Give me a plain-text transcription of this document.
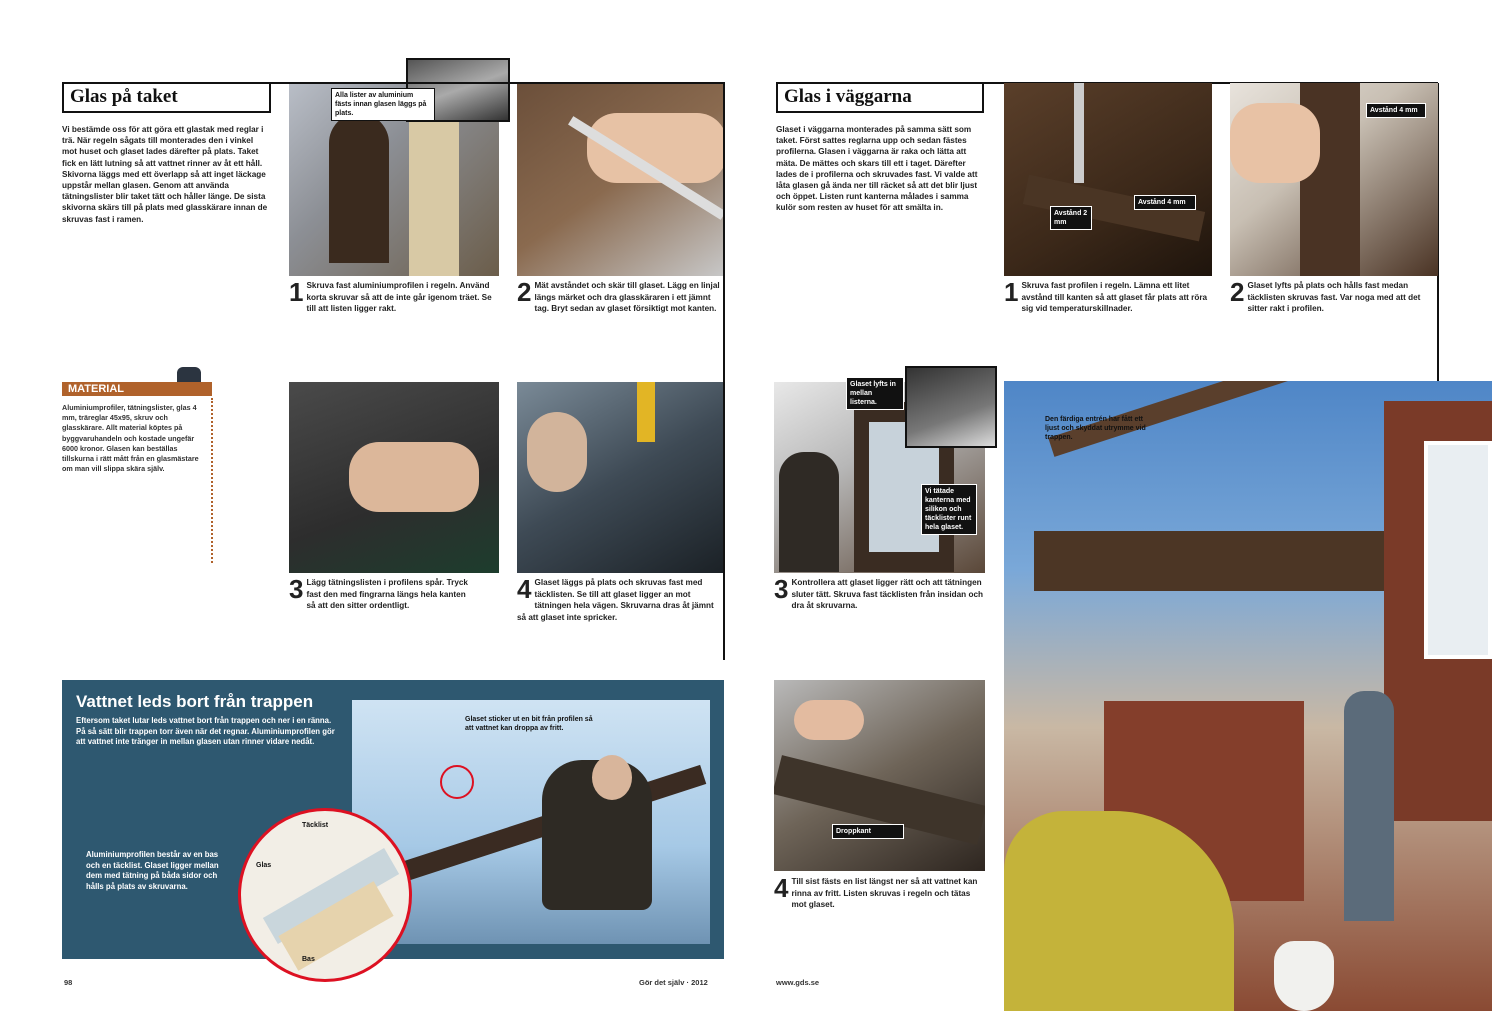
Glas på taket
Vi bestämde oss för att göra ett glastak med reglar i trä. När regeln sågats till monterades den i vinkel mot huset och glaset lades därefter på plats. Taket fick en lätt lutning så att vattnet rinner av åt ett håll. Skivorna läggs med ett överlapp så att inget läckage uppstår mellan glasen. Genom att använda tätningslister blir taket tätt och håller länge. De sista skivorna skärs till på plats med glasskärare innan de skruvas fast i ramen.
MATERIAL
Aluminiumprofiler, tätningslister, glas 4 mm, träreglar 45x95, skruv och glasskärare. Allt material köptes på byggvaruhandeln och kostade ungefär 6000 kronor. Glasen kan beställas tillskurna i rätt mått från en glasmästare om man vill slippa skära själv.
Alla lister av aluminium fästs innan glasen läggs på plats.
1 Skruva fast aluminiumprofilen i regeln. Använd korta skruvar så att de inte går igenom träet. Se till att listen ligger rakt.
2 Mät avståndet och skär till glaset. Lägg en linjal längs märket och dra glasskäraren i ett jämnt tag. Bryt sedan av glaset försiktigt mot kanten.
3 Lägg tätningslisten i profilens spår. Tryck fast den med fingrarna längs hela kanten så att den sitter ordentligt.
4 Glaset läggs på plats och skruvas fast med täcklisten. Se till att glaset ligger an mot tätningen hela vägen. Skruvarna dras åt jämnt så att glaset inte spricker.
Vattnet leds bort från trappen
Eftersom taket lutar leds vattnet bort från trappen och ner i en ränna. På så sätt blir trappen torr även när det regnar. Aluminiumprofilen gör att vattnet inte tränger in mellan glasen utan rinner vidare nedåt.
Glaset sticker ut en bit från profilen så att vattnet kan droppa av fritt.
Aluminiumprofilen består av en bas och en täcklist. Glaset ligger mellan dem med tätning på båda sidor och hålls på plats av skruvarna.
Täcklist
Glas
Bas
98	Gör det själv · 2012
Glas i väggarna
Glaset i väggarna monterades på samma sätt som taket. Först sattes reglarna upp och sedan fästes profilerna. Glasen i väggarna är raka och lätta att mäta. De mättes och skars till ett i taget. Därefter lades de i profilerna och skruvades fast. Vi valde att låta glasen gå ända ner till räcket så att det blir ljust och öppet. Listen runt kanterna målades i samma kulör som resten av huset för att smälta in.
Avstånd 2 mm
Avstånd 4 mm
Avstånd 4 mm
1 Skruva fast profilen i regeln. Lämna ett litet avstånd till kanten så att glaset får plats att röra sig vid temperaturskillnader.
2 Glaset lyfts på plats och hålls fast medan täcklisten skruvas fast. Var noga med att det sitter rakt i profilen.
Glaset lyfts in mellan listerna.
Vi tätade kanterna med silikon och täcklister runt hela glaset.
3 Kontrollera att glaset ligger rätt och att tätningen sluter tätt. Skruva fast täcklisten från insidan och dra åt skruvarna.
Droppkant
4 Till sist fästs en list längst ner så att vattnet kan rinna av fritt. Listen skruvas i regeln och tätas mot glaset.
Den färdiga entrén har fått ett ljust och skyddat utrymme vid trappen.
www.gds.se
